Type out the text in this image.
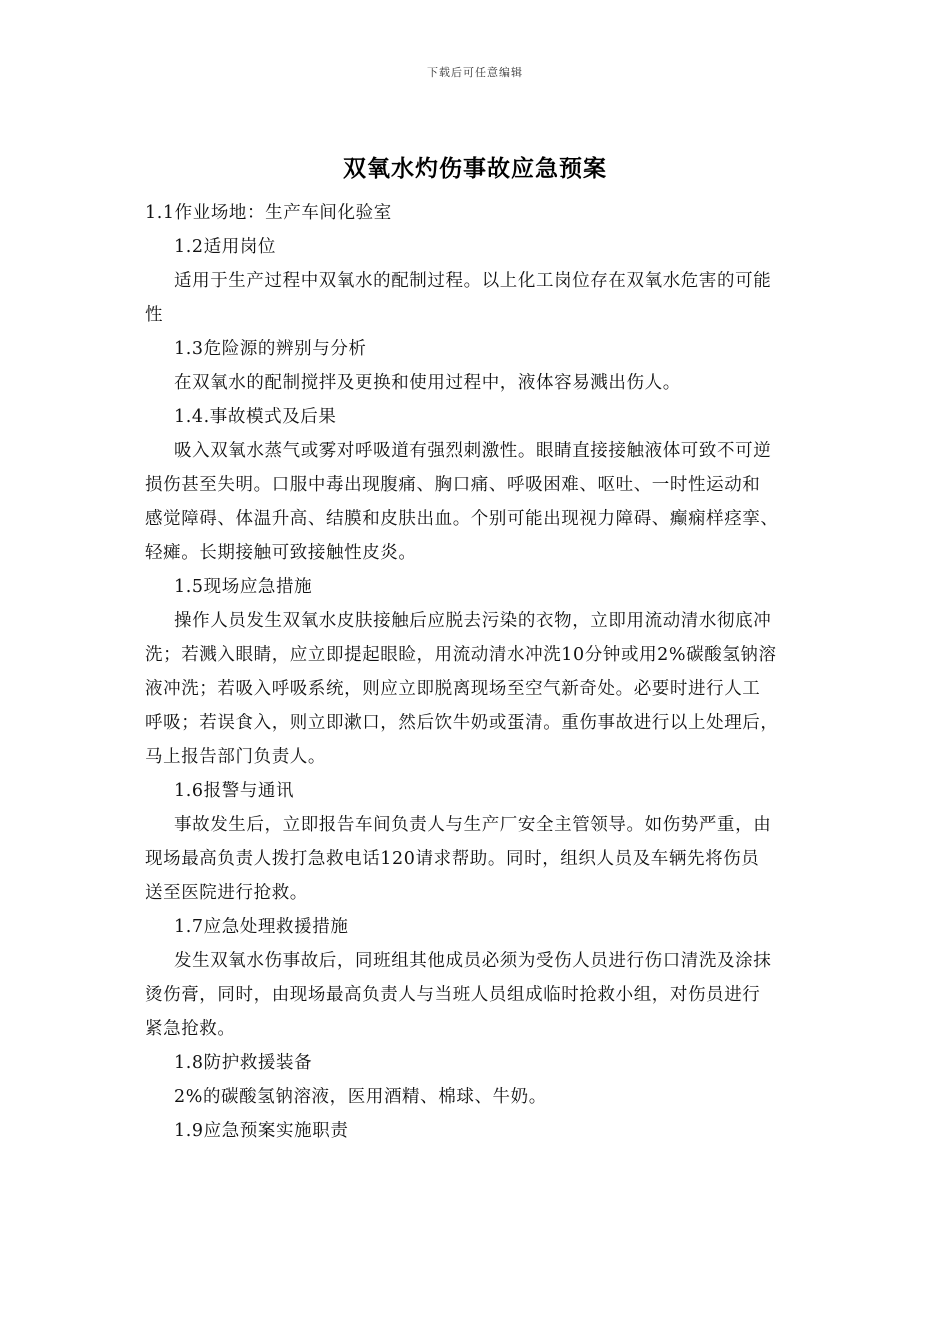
下载后可任意编辑
双氧水灼伤事故应急预案

1.1作业场地：生产车间化验室

1.2适用岗位

适用于生产过程中双氧水的配制过程。以上化工岗位存在双氧水危害的可能

性

1.3危险源的辨别与分析

在双氧水的配制搅拌及更换和使用过程中，液体容易溅出伤人。

1.4.事故模式及后果

吸入双氧水蒸气或雾对呼吸道有强烈刺激性。眼睛直接接触液体可致不可逆

损伤甚至失明。口服中毒出现腹痛、胸口痛、呼吸困难、呕吐、一时性运动和

感觉障碍、体温升高、结膜和皮肤出血。个别可能出现视力障碍、癫痫样痉挛、

轻瘫。长期接触可致接触性皮炎。

1.5现场应急措施

操作人员发生双氧水皮肤接触后应脱去污染的衣物，立即用流动清水彻底冲

洗；若溅入眼睛，应立即提起眼睑，用流动清水冲洗10分钟或用2%碳酸氢钠溶

液冲洗；若吸入呼吸系统，则应立即脱离现场至空气新奇处。必要时进行人工

呼吸；若误食入，则立即漱口，然后饮牛奶或蛋清。重伤事故进行以上处理后，

马上报告部门负责人。

1.6报警与通讯

事故发生后，立即报告车间负责人与生产厂安全主管领导。如伤势严重，由

现场最高负责人拨打急救电话120请求帮助。同时，组织人员及车辆先将伤员

送至医院进行抢救。

1.7应急处理救援措施

发生双氧水伤事故后，同班组其他成员必须为受伤人员进行伤口清洗及涂抹

烫伤膏，同时，由现场最高负责人与当班人员组成临时抢救小组，对伤员进行

紧急抢救。

1.8防护救援装备

2%的碳酸氢钠溶液，医用酒精、棉球、牛奶。

1.9应急预案实施职责
